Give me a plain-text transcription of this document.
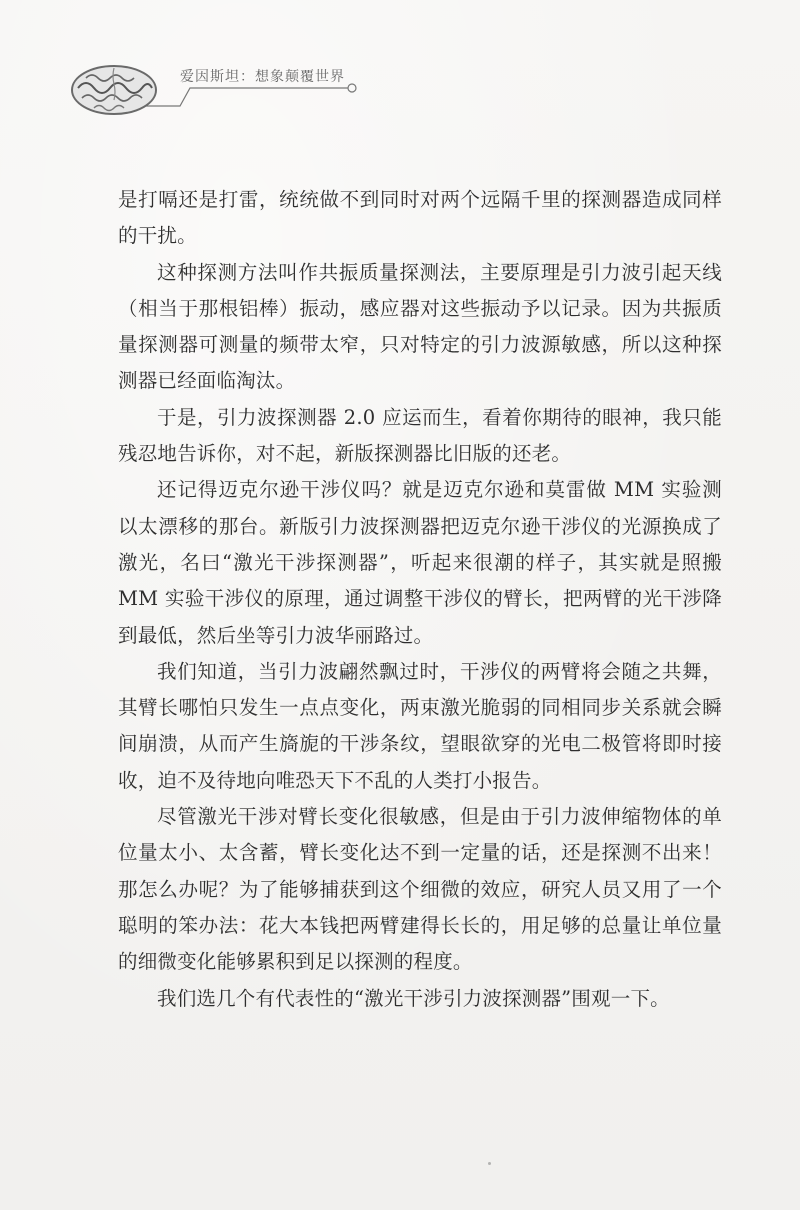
爱因斯坦：想象颠覆世界

是打嗝还是打雷，统统做不到同时对两个远隔千里的探测器造成同样的干扰。

这种探测方法叫作共振质量探测法，主要原理是引力波引起天线（相当于那根铝棒）振动，感应器对这些振动予以记录。因为共振质量探测器可测量的频带太窄，只对特定的引力波源敏感，所以这种探测器已经面临淘汰。

于是，引力波探测器 2.0 应运而生，看着你期待的眼神，我只能残忍地告诉你，对不起，新版探测器比旧版的还老。

还记得迈克尔逊干涉仪吗？就是迈克尔逊和莫雷做 MM 实验测以太漂移的那台。新版引力波探测器把迈克尔逊干涉仪的光源换成了激光，名曰“激光干涉探测器”，听起来很潮的样子，其实就是照搬 MM 实验干涉仪的原理，通过调整干涉仪的臂长，把两臂的光干涉降到最低，然后坐等引力波华丽路过。

我们知道，当引力波翩然飘过时，干涉仪的两臂将会随之共舞，其臂长哪怕只发生一点点变化，两束激光脆弱的同相同步关系就会瞬间崩溃，从而产生旖旎的干涉条纹，望眼欲穿的光电二极管将即时接收，迫不及待地向唯恐天下不乱的人类打小报告。

尽管激光干涉对臂长变化很敏感，但是由于引力波伸缩物体的单位量太小、太含蓄，臂长变化达不到一定量的话，还是探测不出来！那怎么办呢？为了能够捕获到这个细微的效应，研究人员又用了一个聪明的笨办法：花大本钱把两臂建得长长的，用足够的总量让单位量的细微变化能够累积到足以探测的程度。

我们选几个有代表性的“激光干涉引力波探测器”围观一下。
